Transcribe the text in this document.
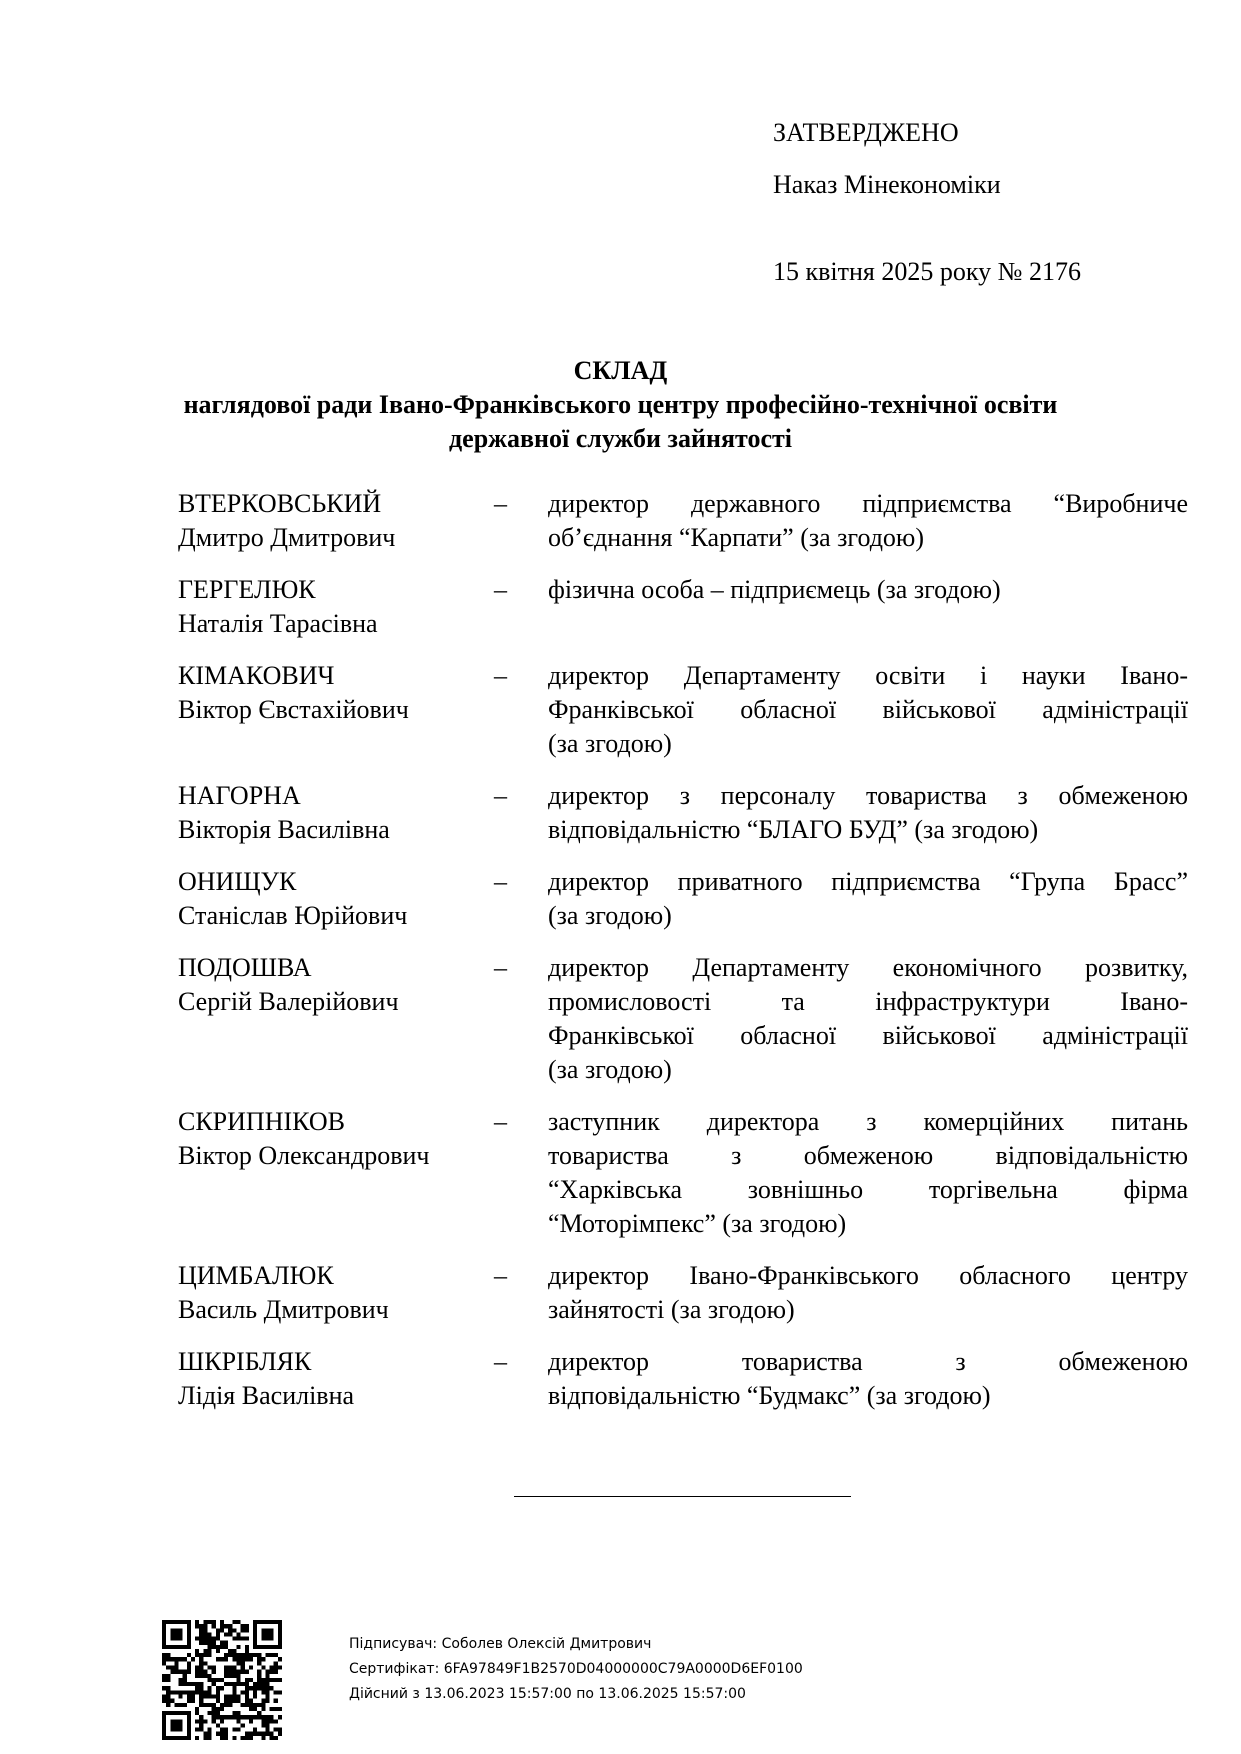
ЗАТВЕРДЖЕНО
Наказ Мінекономіки
15 квітня 2025 року № 2176
СКЛАД
наглядової ради Івано-Франківського центру професійно-технічної освіти
державної служби зайнятості
ВТЕРКОВСЬКИЙ
Дмитро Дмитрович
–	директор державного підприємства “Виробниче
об’єднання “Карпати” (за згодою)
ГЕРГЕЛЮК
Наталія Тарасівна
–	фізична особа – підприємець (за згодою)
КІМАКОВИЧ
Віктор Євстахійович
–	директор Департаменту освіти і науки Івано-
Франківської обласної військової адміністрації
(за згодою)
НАГОРНА
Вікторія Василівна
–	директор з персоналу товариства з обмеженою
відповідальністю “БЛАГО БУД” (за згодою)
ОНИЩУК
Станіслав Юрійович
–	директор приватного підприємства “Група Брасс”
(за згодою)
ПОДОШВА
Сергій Валерійович
–	директор Департаменту економічного розвитку,
промисловості та інфраструктури Івано-
Франківської обласної військової адміністрації
(за згодою)
СКРИПНІКОВ
Віктор Олександрович
–	заступник директора з комерційних питань
товариства з обмеженою відповідальністю
“Харківська зовнішньо торгівельна фірма
“Моторімпекс” (за згодою)
ЦИМБАЛЮК
Василь Дмитрович
–	директор Івано-Франківського обласного центру
зайнятості (за згодою)
ШКРІБЛЯК
Лідія Василівна
–	директор товариства з обмеженою
відповідальністю “Будмакс” (за згодою)
Підписувач: Соболев Олексій Дмитрович
Сертифікат: 6FA97849F1B2570D04000000C79A0000D6EF0100
Дійсний з 13.06.2023 15:57:00 по 13.06.2025 15:57:00
